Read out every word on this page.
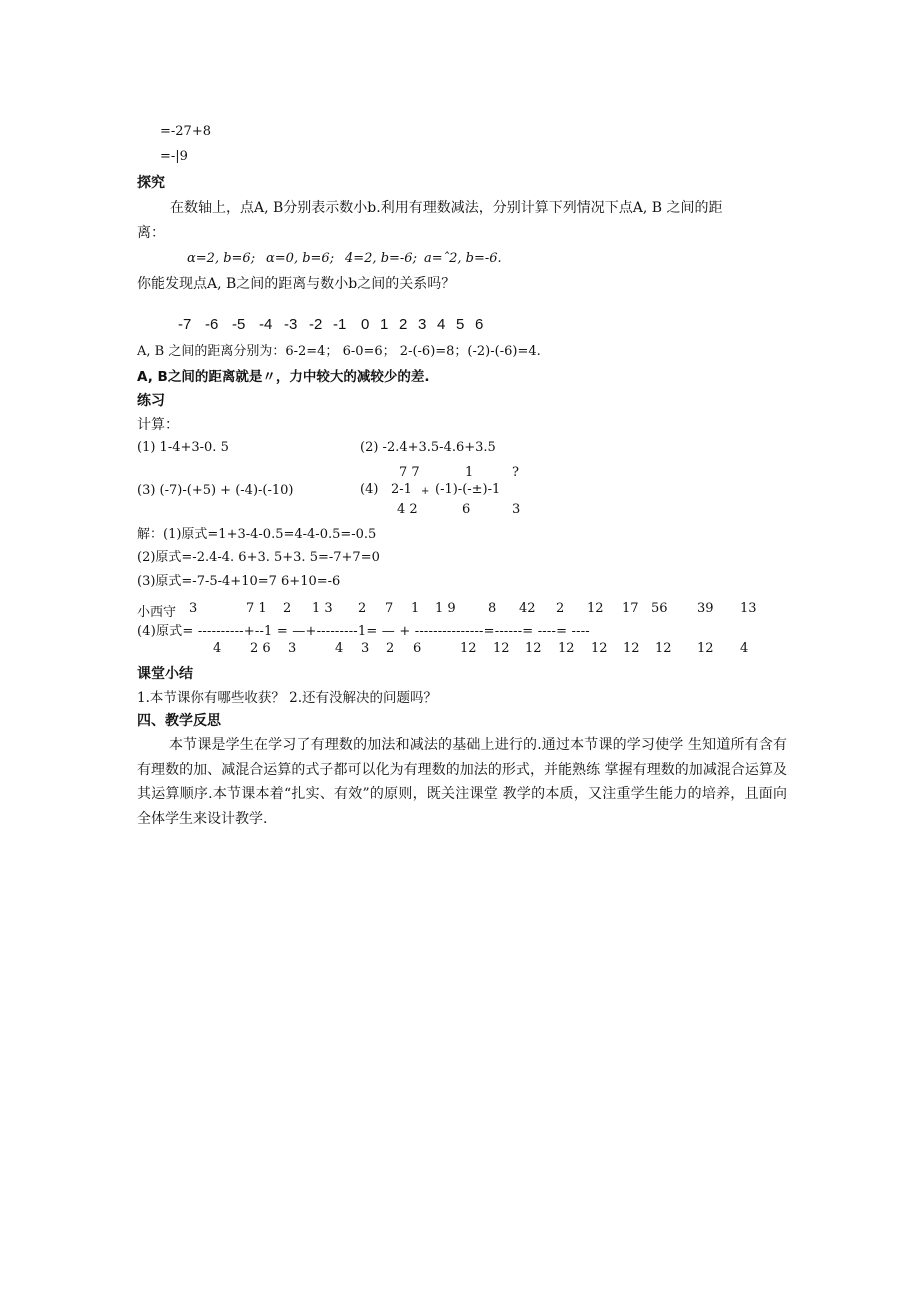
=-27+8
=-|9
探究
在数轴上，点A, B分别表示数小b.利用有理数减法，分别计算下列情况下点A, B 之间的距
离：
ɑ=2, b=6; ɑ=0, b=6; 4=2, b=-6; a=ˆ2, b=-6.
你能发现点A, B之间的距离与数小b之间的关系吗？
-7 -6 -5 -4 -3 -2 -1 0 1 2 3 4 5 6
A, B 之间的距离分别为：6-2=4； 6-0=6； 2-(-6)=8；(-2)-(-6)=4.
A, B之间的距离就是〃，力中较大的减较少的差.
练习
计算：
(1) 1-4+3-0. 5	(2) -2.4+3.5-4.6+3.5
7 7	1	?
(3) (-7)-(+5) + (-4)-(-10)	(4) 2-1 + (-1)-(-±)-1
4 2	6	3
解：(1)原式=1+3-4-0.5=4-4-0.5=-0.5
(2)原式=-2.4-4. 6+3. 5+3. 5=-7+7=0
(3)原式=-7-5-4+10=7 6+10=-6
小西守 3	7 1 2 1 3 2 7 1 1 9 8 42 2 12 17 56 39 13
(4)原式= ----------+--1 = —+---------1= — + ---------------=------= ----= ----
4 2 6 3	4 3 2 6	12 12 12 12 12 12 12 12 4
课堂小结
1.本节课你有哪些收获？ 2.还有没解决的问题吗？
四、教学反思
本节课是学生在学习了有理数的加法和减法的基础上进行的.通过本节课的学习使学 生知道所有含有有理数的加、减混合运算的式子都可以化为有理数的加法的形式，并能熟练 掌握有理数的加减混合运算及其运算顺序.本节课本着“扎实、有效”的原则，既关注课堂 教学的本质，又注重学生能力的培养，且面向全体学生来设计教学.
